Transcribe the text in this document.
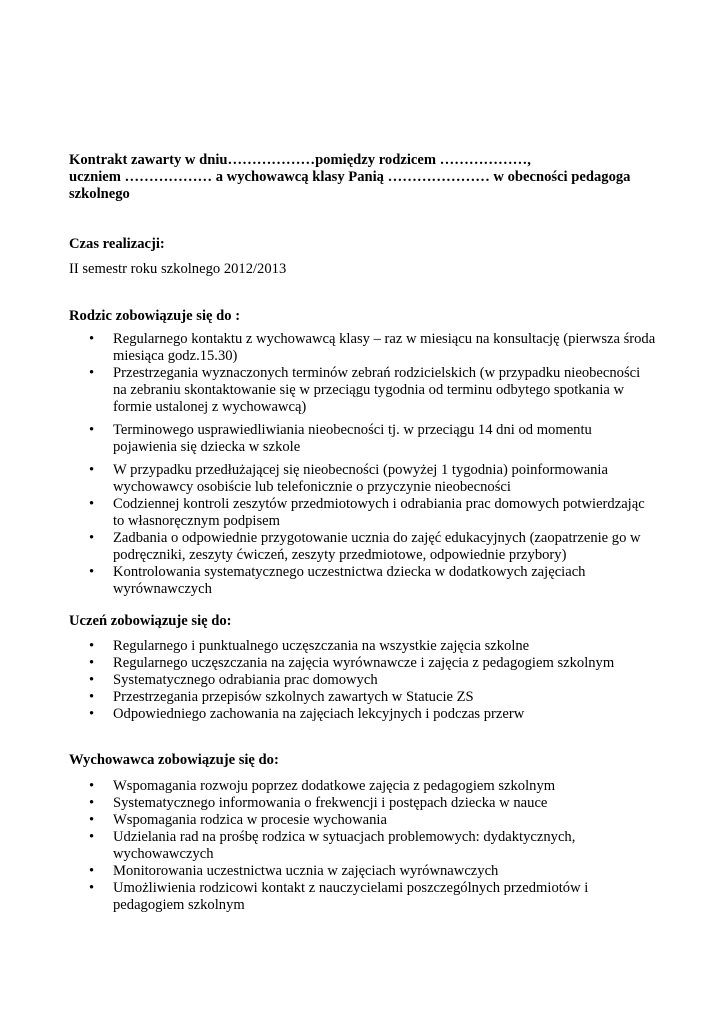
Kontrakt zawarty w dniu………………pomiędzy rodzicem ………………,
uczniem ……………… a wychowawcą klasy Panią ………………… w obecności pedagoga
szkolnego
Czas realizacji:
II semestr roku szkolnego 2012/2013
Rodzic zobowiązuje się do :
• Regularnego kontaktu z wychowawcą klasy – raz w miesiącu na konsultację (pierwsza środa
miesiąca godz.15.30)
• Przestrzegania wyznaczonych terminów zebrań rodzicielskich (w przypadku nieobecności
na zebraniu skontaktowanie się w przeciągu tygodnia od terminu odbytego spotkania w
formie ustalonej z wychowawcą)
• Terminowego usprawiedliwiania nieobecności tj. w przeciągu 14 dni od momentu
pojawienia się dziecka w szkole
• W przypadku przedłużającej się nieobecności (powyżej 1 tygodnia) poinformowania
wychowawcy osobiście lub telefonicznie o przyczynie nieobecności
• Codziennej kontroli zeszytów przedmiotowych i odrabiania prac domowych potwierdzając
to własnoręcznym podpisem
• Zadbania o odpowiednie przygotowanie ucznia do zajęć edukacyjnych (zaopatrzenie go w
podręczniki, zeszyty ćwiczeń, zeszyty przedmiotowe, odpowiednie przybory)
• Kontrolowania systematycznego uczestnictwa dziecka w dodatkowych zajęciach
wyrównawczych
Uczeń zobowiązuje się do:
• Regularnego i punktualnego uczęszczania na wszystkie zajęcia szkolne
• Regularnego uczęszczania na zajęcia wyrównawcze i zajęcia z pedagogiem szkolnym
• Systematycznego odrabiania prac domowych
• Przestrzegania przepisów szkolnych zawartych w Statucie ZS
• Odpowiedniego zachowania na zajęciach lekcyjnych i podczas przerw
Wychowawca zobowiązuje się do:
• Wspomagania rozwoju poprzez dodatkowe zajęcia z pedagogiem szkolnym
• Systematycznego informowania o frekwencji i postępach dziecka w nauce
• Wspomagania rodzica w procesie wychowania
• Udzielania rad na prośbę rodzica w sytuacjach problemowych: dydaktycznych,
wychowawczych
• Monitorowania uczestnictwa ucznia w zajęciach wyrównawczych
• Umożliwienia rodzicowi kontakt z nauczycielami poszczególnych przedmiotów i
pedagogiem szkolnym
